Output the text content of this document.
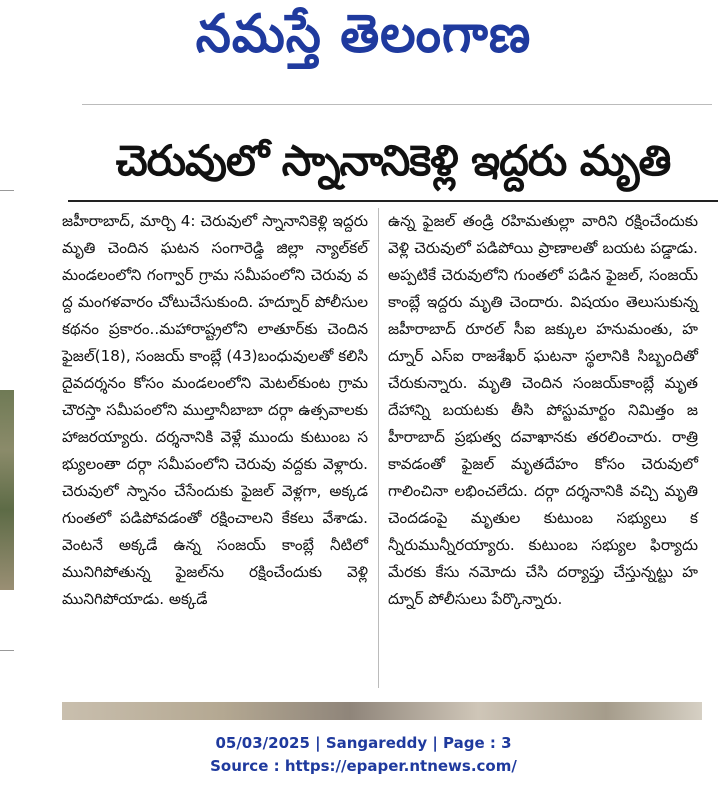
నమస్తే తెలంగాణ
చెరువులో స్నానానికెళ్లి ఇద్దరు మృతి
జహీరాబాద్, మార్చి 4: చెరువులో స్నానానికెళ్లి ఇద్దరు మృతి చెందిన ఘటన సంగారెడ్డి జిల్లా న్యాల్‌కల్ మండలంలోని గంగ్వార్ గ్రామ సమీపంలోని చెరువు వద్ద మంగళవారం చోటుచేసుకుంది. హద్నూర్ పోలీసుల కథనం ప్రకారం..మహారాష్ట్రలోని లాతూర్‌కు చెందిన ఫైజల్(18), సంజయ్ కాంబ్లే (43)బంధువులతో కలిసి దైవదర్శనం కోసం మండలంలోని మెటల్‌కుంట గ్రామ చౌరస్తా సమీపంలోని ముల్తానీబాబా దర్గా ఉత్సవాలకు హాజరయ్యారు. దర్శనానికి వెళ్లే ముందు కుటుంబ సభ్యులంతా దర్గా సమీపంలోని చెరువు వద్దకు వెళ్లారు. చెరువులో స్నానం చేసేందుకు ఫైజల్ వెళ్లగా, అక్కడ గుంతలో పడిపోవడంతో రక్షించాలని కేకలు వేశాడు. వెంటనే అక్కడే ఉన్న సంజయ్ కాంబ్లే నీటిలో మునిగిపోతున్న ఫైజల్‌ను రక్షించేందుకు వెళ్లి మునిగిపోయాడు. అక్కడే
ఉన్న ఫైజల్ తండ్రి రహిమతుల్లా వారిని రక్షించేందుకు వెళ్లి చెరువులో పడిపోయి ప్రాణాలతో బయట పడ్డాడు. అప్పటికే చెరువులోని గుంతలో పడిన ఫైజల్, సంజయ్ కాంబ్లే ఇద్దరు మృతి చెందారు. విషయం తెలుసుకున్న జహీరాబాద్ రూరల్ సీఐ జక్కుల హనుమంతు, హద్నూర్ ఎస్ఐ రాజశేఖర్ ఘటనా స్థలానికి సిబ్బందితో చేరుకున్నారు. మృతి చెందిన సంజయ్‌కాంబ్లే మృతదేహాన్ని బయటకు తీసి పోస్టుమార్టం నిమిత్తం జహీరాబాద్ ప్రభుత్వ దవాఖానకు తరలించారు. రాత్రి కావడంతో ఫైజల్ మృతదేహం కోసం చెరువులో గాలించినా లభించలేదు. దర్గా దర్శనానికి వచ్చి మృతి చెందడంపై మృతుల కుటుంబ సభ్యులు కన్నీరుమున్నీరయ్యారు. కుటుంబ సభ్యుల ఫిర్యాదు మేరకు కేసు నమోదు చేసి దర్యాప్తు చేస్తున్నట్టు హద్నూర్ పోలీసులు పేర్కొన్నారు.
05/03/2025 | Sangareddy | Page : 3
Source : https://epaper.ntnews.com/
